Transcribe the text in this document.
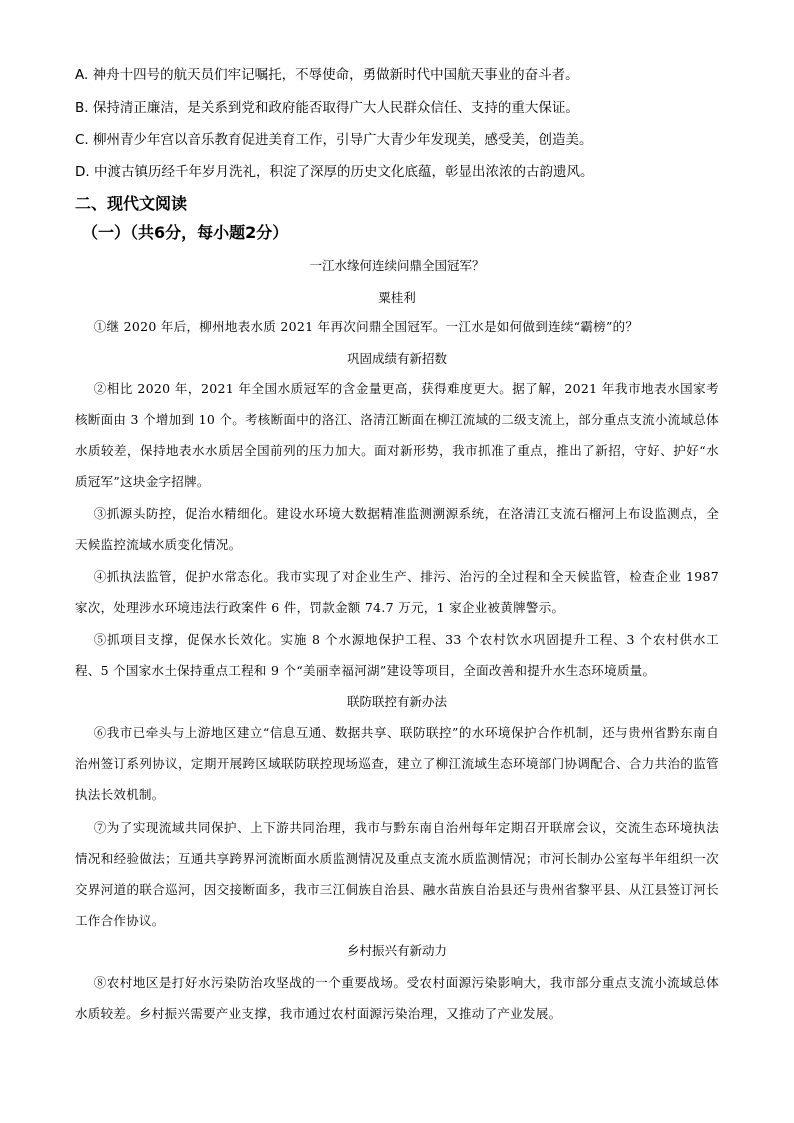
A. 神舟十四号的航天员们牢记嘱托，不辱使命，勇做新时代中国航天事业的奋斗者。
B. 保持清正廉洁，是关系到党和政府能否取得广大人民群众信任、支持的重大保证。
C. 柳州青少年宫以音乐教育促进美育工作，引导广大青少年发现美，感受美，创造美。
D. 中渡古镇历经千年岁月洗礼，积淀了深厚的历史文化底蕴，彰显出浓浓的古韵遗风。
二、现代文阅读
（一）（共6分，每小题2分）
一江水缘何连续问鼎全国冠军？
粟桂利
①继 2020 年后，柳州地表水质 2021 年再次问鼎全国冠军。一江水是如何做到连续“霸榜”的？
巩固成绩有新招数
②相比 2020 年，2021 年全国水质冠军的含金量更高，获得难度更大。据了解，2021 年我市地表水国家考核断面由 3 个增加到 10 个。考核断面中的洛江、洛清江断面在柳江流域的二级支流上，部分重点支流小流域总体水质较差，保持地表水水质居全国前列的压力加大。面对新形势，我市抓准了重点，推出了新招，守好、护好“水质冠军”这块金字招牌。
③抓源头防控，促治水精细化。建设水环境大数据精准监测溯源系统，在洛清江支流石榴河上布设监测点，全天候监控流域水质变化情况。
④抓执法监管，促护水常态化。我市实现了对企业生产、排污、治污的全过程和全天候监管，检查企业 1987 家次，处理涉水环境违法行政案件 6 件，罚款金额 74.7 万元，1 家企业被黄牌警示。
⑤抓项目支撑，促保水长效化。实施 8 个水源地保护工程、33 个农村饮水巩固提升工程、3 个农村供水工程、5 个国家水土保持重点工程和 9 个“美丽幸福河湖”建设等项目，全面改善和提升水生态环境质量。
联防联控有新办法
⑥我市已牵头与上游地区建立“信息互通、数据共享、联防联控”的水环境保护合作机制，还与贵州省黔东南自治州签订系列协议，定期开展跨区域联防联控现场巡查，建立了柳江流域生态环境部门协调配合、合力共治的监管执法长效机制。
⑦为了实现流域共同保护、上下游共同治理，我市与黔东南自治州每年定期召开联席会议，交流生态环境执法情况和经验做法；互通共享跨界河流断面水质监测情况及重点支流水质监测情况；市河长制办公室每半年组织一次交界河道的联合巡河，因交接断面多，我市三江侗族自治县、融水苗族自治县还与贵州省黎平县、从江县签订河长工作合作协议。
乡村振兴有新动力
⑧农村地区是打好水污染防治攻坚战的一个重要战场。受农村面源污染影响大，我市部分重点支流小流域总体水质较差。乡村振兴需要产业支撑，我市通过农村面源污染治理，又推动了产业发展。
